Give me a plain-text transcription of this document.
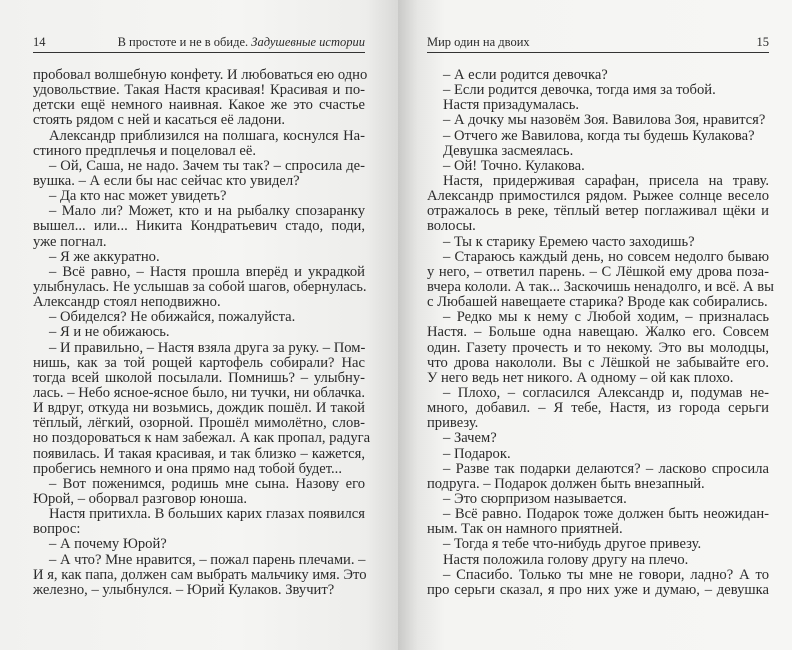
14	В простоте и не в обиде. Задушевные истории
пробовал волшебную конфету. И любоваться ею одно
удовольствие. Такая Настя красивая! Красивая и по-
детски ещё немного наивная. Какое же это счастье
стоять рядом с ней и касаться её ладони.
Александр приблизился на полшага, коснулся На-
стиного предплечья и поцеловал её.
– Ой, Саша, не надо. Зачем ты так? – спросила де-
вушка. – А если бы нас сейчас кто увидел?
– Да кто нас может увидеть?
– Мало ли? Может, кто и на рыбалку спозаранку
вышел... или... Никита Кондратьевич стадо, поди,
уже погнал.
– Я же аккуратно.
– Всё равно, – Настя прошла вперёд и украдкой
улыбнулась. Не услышав за собой шагов, обернулась.
Александр стоял неподвижно.
– Обиделся? Не обижайся, пожалуйста.
– Я и не обижаюсь.
– И правильно, – Настя взяла друга за руку. – Пом-
нишь, как за той рощей картофель собирали? Нас
тогда всей школой посылали. Помнишь? – улыбну-
лась. – Небо ясное-ясное было, ни тучки, ни облачка.
И вдруг, откуда ни возьмись, дождик пошёл. И такой
тёплый, лёгкий, озорной. Прошёл мимолётно, слов-
но поздороваться к нам забежал. А как пропал, радуга
появилась. И такая красивая, и так близко – кажется,
пробегись немного и она прямо над тобой будет...
– Вот поженимся, родишь мне сына. Назову его
Юрой, – оборвал разговор юноша.
Настя притихла. В больших карих глазах появился
вопрос:
– А почему Юрой?
– А что? Мне нравится, – пожал парень плечами. –
И я, как папа, должен сам выбрать мальчику имя. Это
железно, – улыбнулся. – Юрий Кулаков. Звучит?
Мир один на двоих	15
– А если родится девочка?
– Если родится девочка, тогда имя за тобой.
Настя призадумалась.
– А дочку мы назовём Зоя. Вавилова Зоя, нравится?
– Отчего же Вавилова, когда ты будешь Кулакова?
Девушка засмеялась.
– Ой! Точно. Кулакова.
Настя, придерживая сарафан, присела на траву.
Александр примостился рядом. Рыжее солнце весело
отражалось в реке, тёплый ветер поглаживал щёки и
волосы.
– Ты к старику Еремею часто заходишь?
– Стараюсь каждый день, но совсем недолго бываю
у него, – ответил парень. – С Лёшкой ему дрова поза-
вчера кололи. А так... Заскочишь ненадолго, и всё. А вы
с Любашей навещаете старика? Вроде как собирались.
– Редко мы к нему с Любой ходим, – призналась
Настя. – Больше одна навещаю. Жалко его. Совсем
один. Газету прочесть и то некому. Это вы молодцы,
что дрова накололи. Вы с Лёшкой не забывайте его.
У него ведь нет никого. А одному – ой как плохо.
– Плохо, – согласился Александр и, подумав не-
много, добавил. – Я тебе, Настя, из города серьги
привезу.
– Зачем?
– Подарок.
– Разве так подарки делаются? – ласково спросила
подруга. – Подарок должен быть внезапный.
– Это сюрпризом называется.
– Всё равно. Подарок тоже должен быть неожидан-
ным. Так он намного приятней.
– Тогда я тебе что-нибудь другое привезу.
Настя положила голову другу на плечо.
– Спасибо. Только ты мне не говори, ладно? А то
про серьги сказал, я про них уже и думаю, – девушка
